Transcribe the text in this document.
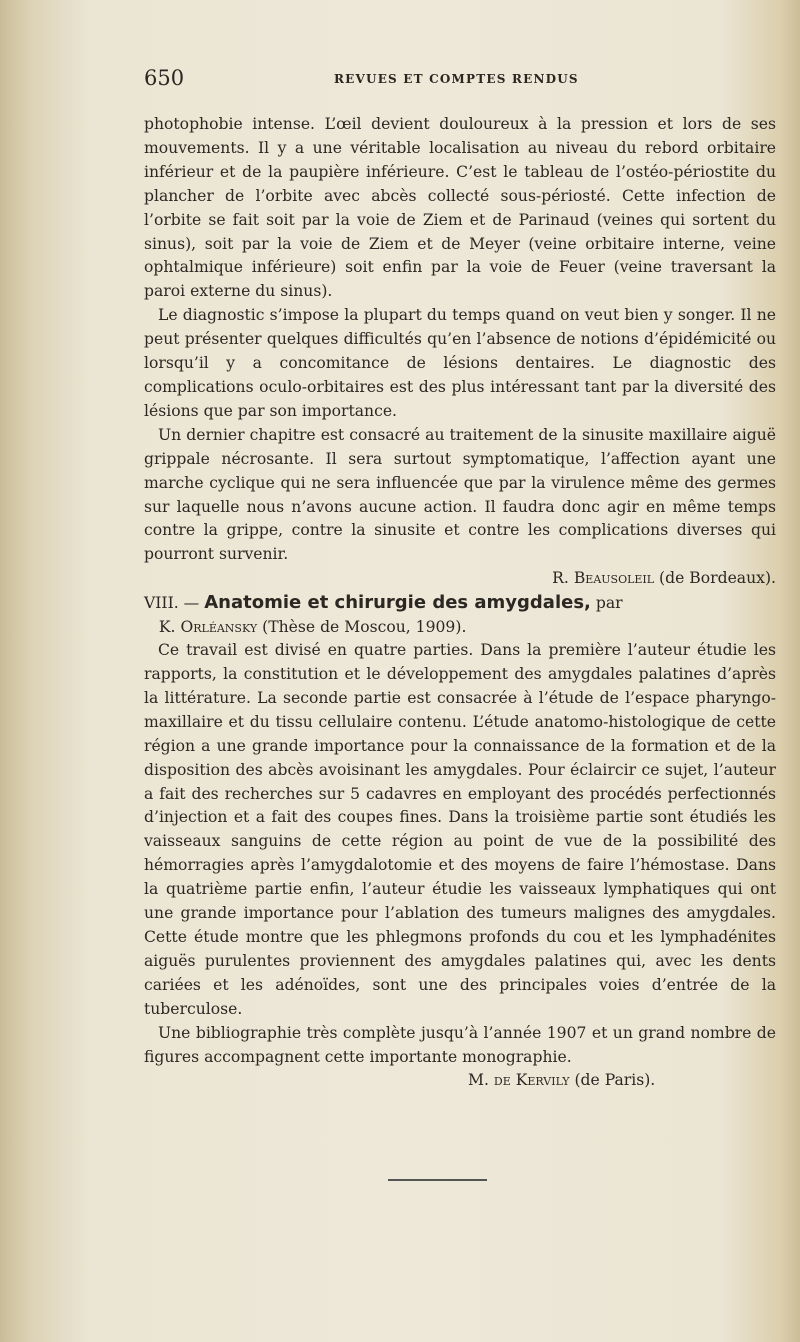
650	REVUES ET COMPTES RENDUS

photophobie intense. L’œil devient douloureux à la pression et lors de ses mouvements. Il y a une véritable localisation au niveau du rebord orbitaire inférieur et de la paupière inférieure. C’est le tableau de l’ostéo-périostite du plancher de l’orbite avec abcès collecté sous-périosté. Cette infection de l’orbite se fait soit par la voie de Ziem et de Parinaud (veines qui sortent du sinus), soit par la voie de Ziem et de Meyer (veine orbitaire interne, veine ophtalmique inférieure) soit enfin par la voie de Feuer (veine traversant la paroi externe du sinus).

Le diagnostic s’impose la plupart du temps quand on veut bien y songer. Il ne peut présenter quelques difficultés qu’en l’absence de notions d’épidémicité ou lorsqu’il y a concomitance de lésions dentaires. Le diagnostic des complications oculo-orbitaires est des plus intéressant tant par la diversité des lésions que par son importance.

Un dernier chapitre est consacré au traitement de la sinusite maxillaire aiguë grippale nécrosante. Il sera surtout symptomatique, l’affection ayant une marche cyclique qui ne sera influencée que par la virulence même des germes sur laquelle nous n’avons aucune action. Il faudra donc agir en même temps contre la grippe, contre la sinusite et contre les complications diverses qui pourront survenir.

R. Beausoleil (de Bordeaux).

VIII. — Anatomie et chirurgie des amygdales, par
K. Orléansky (Thèse de Moscou, 1909).

Ce travail est divisé en quatre parties. Dans la première l’auteur étudie les rapports, la constitution et le développement des amygdales palatines d’après la littérature. La seconde partie est consacrée à l’étude de l’espace pharyngo-maxillaire et du tissu cellulaire contenu. L’étude anatomo-histologique de cette région a une grande importance pour la connaissance de la formation et de la disposition des abcès avoisinant les amygdales. Pour éclaircir ce sujet, l’auteur a fait des recherches sur 5 cadavres en employant des procédés perfectionnés d’injection et a fait des coupes fines. Dans la troisième partie sont étudiés les vaisseaux sanguins de cette région au point de vue de la possibilité des hémorragies après l’amygdalotomie et des moyens de faire l’hémostase. Dans la quatrième partie enfin, l’auteur étudie les vaisseaux lymphatiques qui ont une grande importance pour l’ablation des tumeurs malignes des amygdales. Cette étude montre que les phlegmons profonds du cou et les lymphadénites aiguës purulentes proviennent des amygdales palatines qui, avec les dents cariées et les adénoïdes, sont une des principales voies d’entrée de la tuberculose.

Une bibliographie très complète jusqu’à l’année 1907 et un grand nombre de figures accompagnent cette importante monographie.

M. de Kervily (de Paris).
